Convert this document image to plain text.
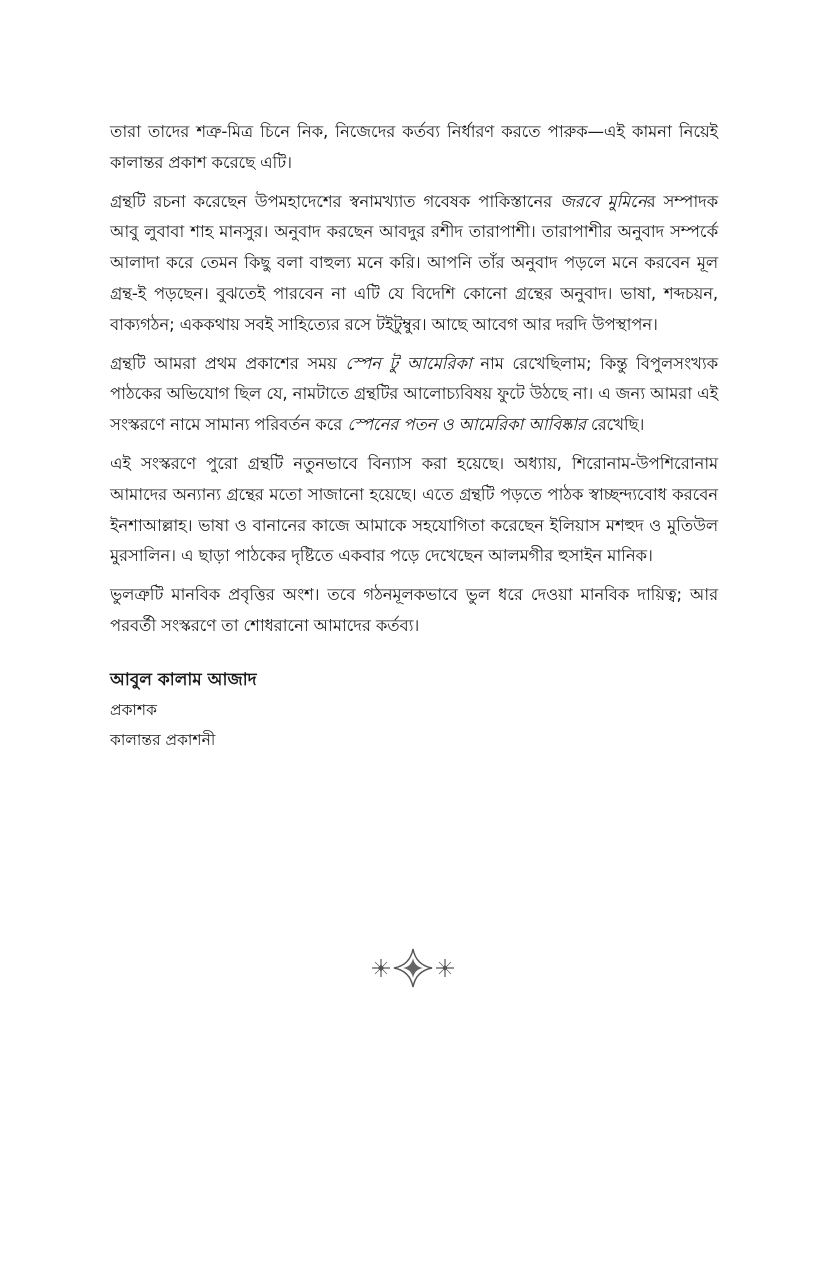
তারা তাদের শত্রু-মিত্র চিনে নিক, নিজেদের কর্তব্য নির্ধারণ করতে পারুক—এই কামনা নিয়েই কালান্তর প্রকাশ করেছে এটি।

গ্রন্থটি রচনা করেছেন উপমহাদেশের স্বনামখ্যাত গবেষক পাকিস্তানের জরবে মুমিনের সম্পাদক আবু লুবাবা শাহ মানসুর। অনুবাদ করছেন আবদুর রশীদ তারাপাশী। তারাপাশীর অনুবাদ সম্পর্কে আলাদা করে তেমন কিছু বলা বাহুল্য মনে করি। আপনি তাঁর অনুবাদ পড়লে মনে করবেন মূল গ্রন্থ-ই পড়ছেন। বুঝতেই পারবেন না এটি যে বিদেশি কোনো গ্রন্থের অনুবাদ। ভাষা, শব্দচয়ন, বাক্যগঠন; এককথায় সবই সাহিত্যের রসে টইটুম্বুর। আছে আবেগ আর দরদি উপস্থাপন।

গ্রন্থটি আমরা প্রথম প্রকাশের সময় স্পেন টু আমেরিকা নাম রেখেছিলাম; কিন্তু বিপুলসংখ্যক পাঠকের অভিযোগ ছিল যে, নামটাতে গ্রন্থটির আলোচ্যবিষয় ফুটে উঠছে না। এ জন্য আমরা এই সংস্করণে নামে সামান্য পরিবর্তন করে স্পেনের পতন ও আমেরিকা আবিষ্কার রেখেছি।

এই সংস্করণে পুরো গ্রন্থটি নতুনভাবে বিন্যাস করা হয়েছে। অধ্যায়, শিরোনাম-উপশিরোনাম আমাদের অন্যান্য গ্রন্থের মতো সাজানো হয়েছে। এতে গ্রন্থটি পড়তে পাঠক স্বাচ্ছন্দ্যবোধ করবেন ইনশাআল্লাহ। ভাষা ও বানানের কাজে আমাকে সহযোগিতা করেছেন ইলিয়াস মশহুদ ও মুতিউল মুরসালিন। এ ছাড়া পাঠকের দৃষ্টিতে একবার পড়ে দেখেছেন আলমগীর হুসাইন মানিক।

ভুলত্রুটি মানবিক প্রবৃত্তির অংশ। তবে গঠনমূলকভাবে ভুল ধরে দেওয়া মানবিক দায়িত্ব; আর পরবর্তী সংস্করণে তা শোধরানো আমাদের কর্তব্য।

আবুল কালাম আজাদ

প্রকাশক

কালান্তর প্রকাশনী
